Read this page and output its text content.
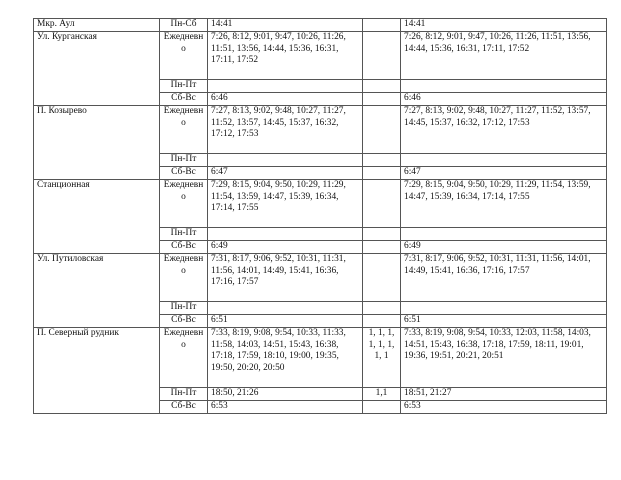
Мкр. Аул	Пн-Сб	14:41		14:41
Ул. Курганская	Ежедневно	7:26, 8:12, 9:01, 9:47, 10:26, 11:26, 11:51, 13:56, 14:44, 15:36, 16:31, 17:11, 17:52		7:26, 8:12, 9:01, 9:47, 10:26, 11:26, 11:51, 13:56, 14:44, 15:36, 16:31, 17:11, 17:52
	Пн-Пт			
	Сб-Вс	6:46		6:46
П. Козырево	Ежедневно	7:27, 8:13, 9:02, 9:48, 10:27, 11:27, 11:52, 13:57, 14:45, 15:37, 16:32, 17:12, 17:53		7:27, 8:13, 9:02, 9:48, 10:27, 11:27, 11:52, 13:57, 14:45, 15:37, 16:32, 17:12, 17:53
	Пн-Пт			
	Сб-Вс	6:47		6:47
Станционная	Ежедневно	7:29, 8:15, 9:04, 9:50, 10:29, 11:29, 11:54, 13:59, 14:47, 15:39, 16:34, 17:14, 17:55		7:29, 8:15, 9:04, 9:50, 10:29, 11:29, 11:54, 13:59, 14:47, 15:39, 16:34, 17:14, 17:55
	Пн-Пт			
	Сб-Вс	6:49		6:49
Ул. Путиловская	Ежедневно	7:31, 8:17, 9:06, 9:52, 10:31, 11:31, 11:56, 14:01, 14:49, 15:41, 16:36, 17:16, 17:57		7:31, 8:17, 9:06, 9:52, 10:31, 11:31, 11:56, 14:01, 14:49, 15:41, 16:36, 17:16, 17:57
	Пн-Пт			
	Сб-Вс	6:51		6:51
П. Северный рудник	Ежедневно	7:33, 8:19, 9:08, 9:54, 10:33, 11:33, 11:58, 14:03, 14:51, 15:43, 16:38, 17:18, 17:59, 18:10, 19:00, 19:35, 19:50, 20:20, 20:50	1, 1, 1, 1, 1, 1, 1, 1	7:33, 8:19, 9:08, 9:54, 10:33, 12:03, 11:58, 14:03, 14:51, 15:43, 16:38, 17:18, 17:59, 18:11, 19:01, 19:36, 19:51, 20:21, 20:51
	Пн-Пт	18:50, 21:26	1,1	18:51, 21:27
	Сб-Вс	6:53		6:53
